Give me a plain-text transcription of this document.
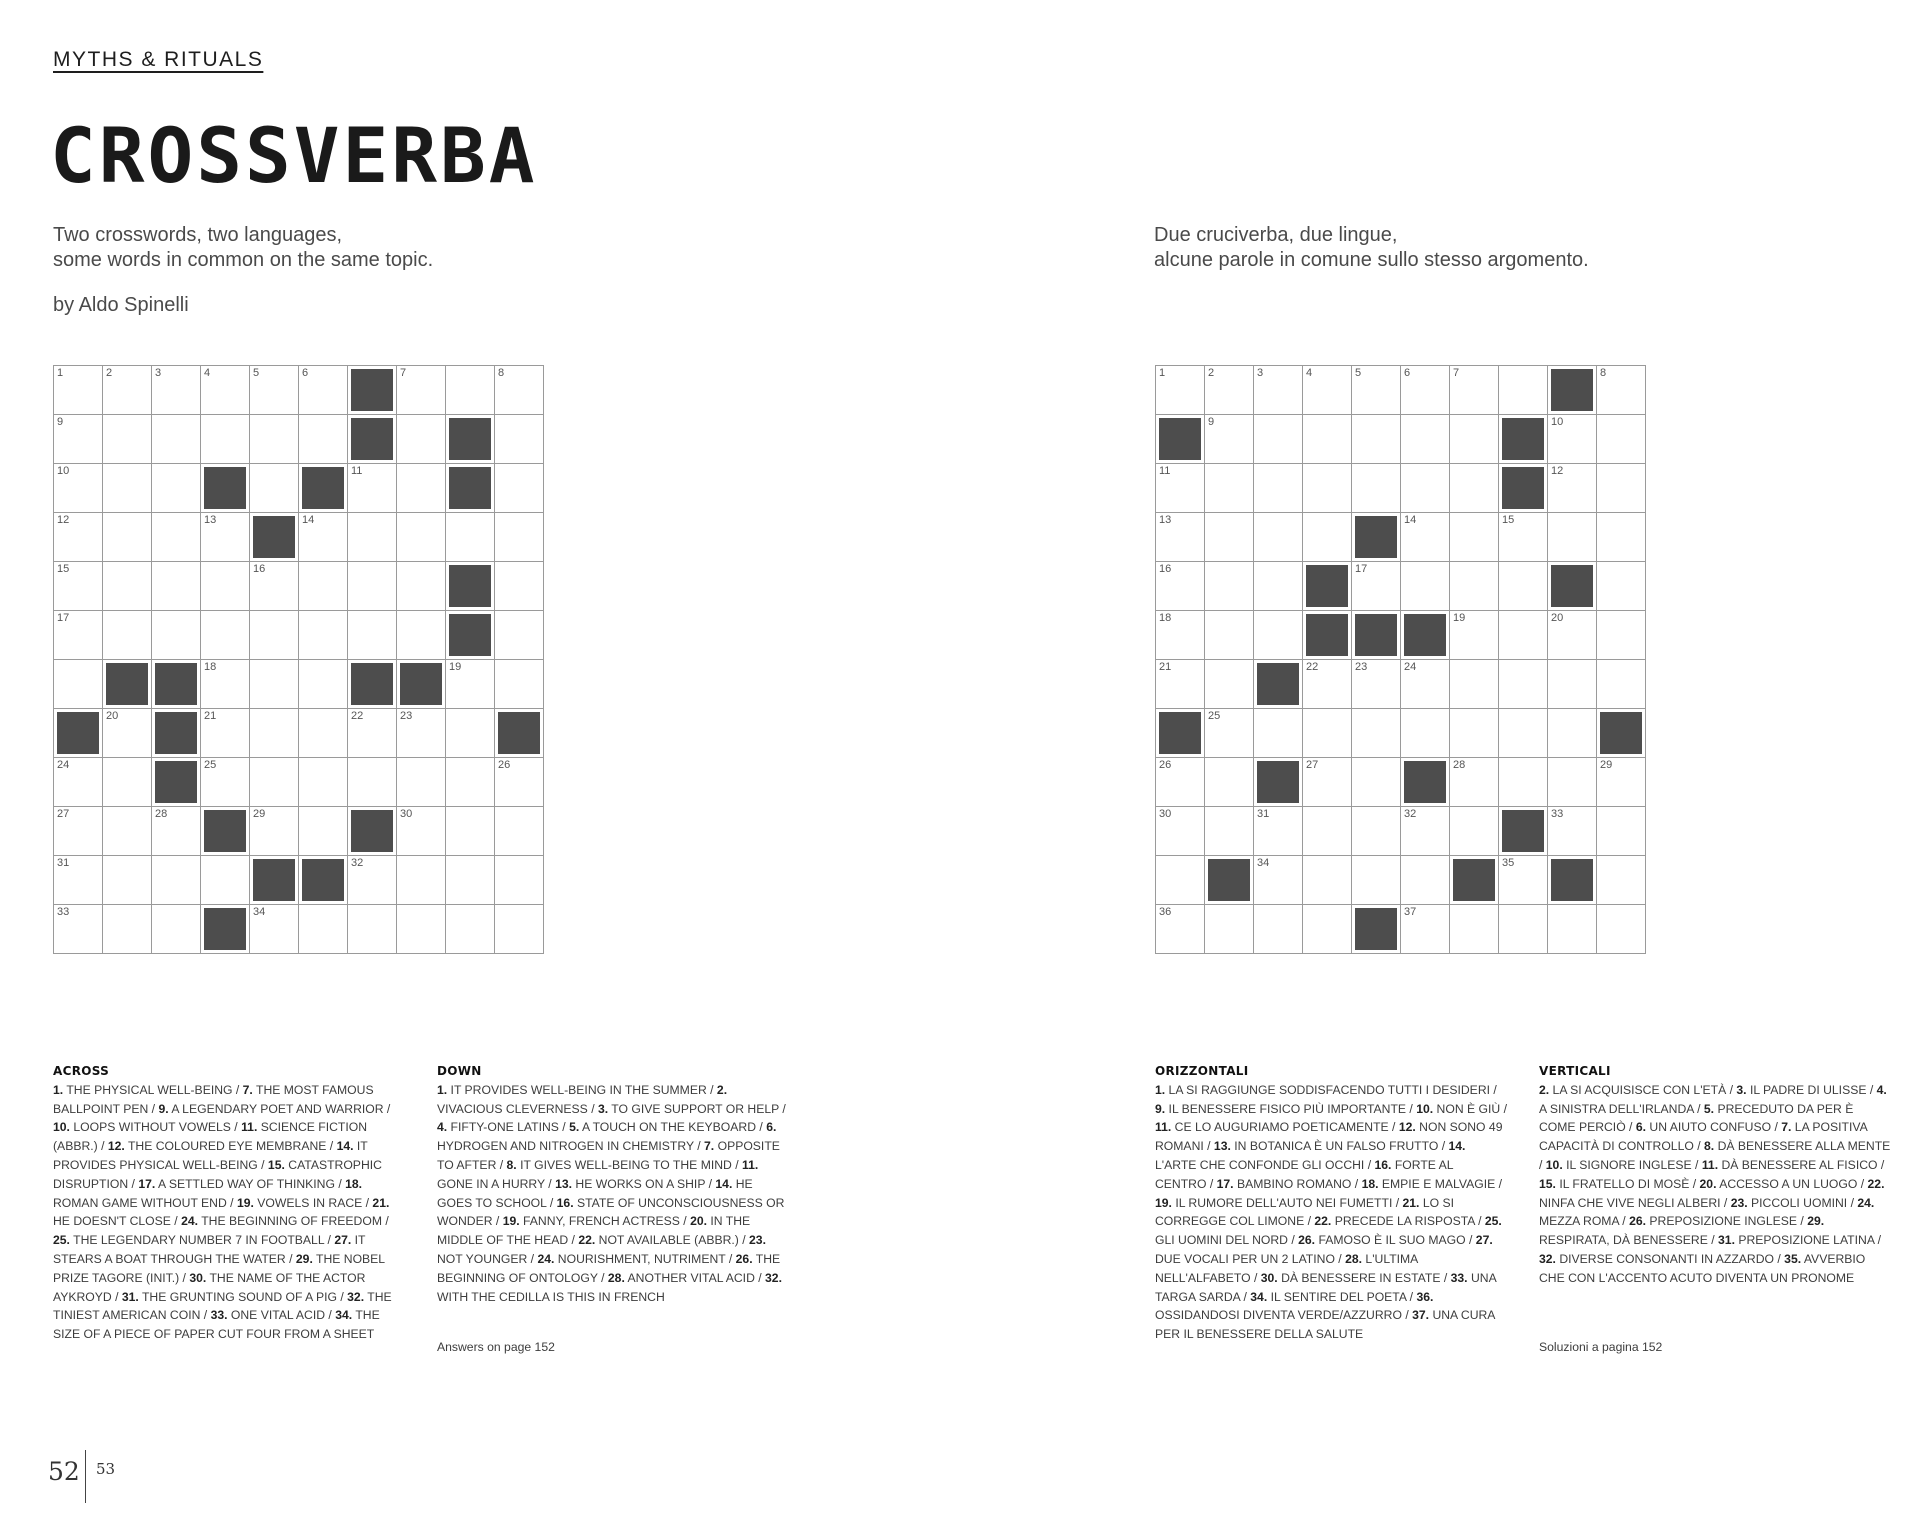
MYTHS & RITUALS
CROSSVERBA

Two crosswords, two languages,

some words in common on the same topic.

by Aldo Spinelli

Due cruciverba, due lingue,

alcune parole in comune sullo stesso argomento.

1	2	3	4	5	6	7	8
9
10	11
12	13	14
15	16
17
18	19
20	21	22	23
24	25	26
27	28	29	30
31	32
33	34
1	2	3	4	5	6	7	8
9	10
11	12
13	14	15
16	17
18	19	20
21	22	23	24
25
26	27	28	29
30	31	32	33
34	35
36	37
ACROSS

1. THE PHYSICAL WELL-BEING / 7. THE MOST FAMOUS BALLPOINT PEN / 9. A LEGENDARY POET AND WARRIOR / 10. LOOPS WITHOUT VOWELS / 11. SCIENCE FICTION (ABBR.) / 12. THE COLOURED EYE MEMBRANE / 14. IT PROVIDES PHYSICAL WELL-BEING / 15. CATASTROPHIC DISRUPTION / 17. A SETTLED WAY OF THINKING / 18. ROMAN GAME WITHOUT END / 19. VOWELS IN RACE / 21. HE DOESN'T CLOSE / 24. THE BEGINNING OF FREEDOM / 25. THE LEGENDARY NUMBER 7 IN FOOTBALL / 27. IT STEARS A BOAT THROUGH THE WATER / 29. THE NOBEL PRIZE TAGORE (INIT.) / 30. THE NAME OF THE ACTOR AYKROYD / 31. THE GRUNTING SOUND OF A PIG / 32. THE TINIEST AMERICAN COIN / 33. ONE VITAL ACID / 34. THE SIZE OF A PIECE OF PAPER CUT FOUR FROM A SHEET

DOWN

1. IT PROVIDES WELL-BEING IN THE SUMMER / 2. VIVACIOUS CLEVERNESS / 3. TO GIVE SUPPORT OR HELP / 4. FIFTY-ONE LATINS / 5. A TOUCH ON THE KEYBOARD / 6. HYDROGEN AND NITROGEN IN CHEMISTRY / 7. OPPOSITE TO AFTER / 8. IT GIVES WELL-BEING TO THE MIND / 11. GONE IN A HURRY / 13. HE WORKS ON A SHIP / 14. HE GOES TO SCHOOL / 16. STATE OF UNCONSCIOUSNESS OR WONDER / 19. FANNY, FRENCH ACTRESS / 20. IN THE MIDDLE OF THE HEAD / 22. NOT AVAILABLE (ABBR.) / 23. NOT YOUNGER / 24. NOURISHMENT, NUTRIMENT / 26. THE BEGINNING OF ONTOLOGY / 28. ANOTHER VITAL ACID / 32. WITH THE CEDILLA IS THIS IN FRENCH

ORIZZONTALI

1. LA SI RAGGIUNGE SODDISFACENDO TUTTI I DESIDERI / 9. IL BENESSERE FISICO PIÙ IMPORTANTE / 10. NON È GIÙ / 11. CE LO AUGURIAMO POETICAMENTE / 12. NON SONO 49 ROMANI / 13. IN BOTANICA È UN FALSO FRUTTO / 14. L'ARTE CHE CONFONDE GLI OCCHI / 16. FORTE AL CENTRO / 17. BAMBINO ROMANO / 18. EMPIE E MALVAGIE / 19. IL RUMORE DELL'AUTO NEI FUMETTI / 21. LO SI CORREGGE COL LIMONE / 22. PRECEDE LA RISPOSTA / 25. GLI UOMINI DEL NORD / 26. FAMOSO È IL SUO MAGO / 27. DUE VOCALI PER UN 2 LATINO / 28. L'ULTIMA NELL'ALFABETO / 30. DÀ BENESSERE IN ESTATE / 33. UNA TARGA SARDA / 34. IL SENTIRE DEL POETA / 36. OSSIDANDOSI DIVENTA VERDE/AZZURRO / 37. UNA CURA PER IL BENESSERE DELLA SALUTE

VERTICALI

2. LA SI ACQUISISCE CON L'ETÀ / 3. IL PADRE DI ULISSE / 4. A SINISTRA DELL'IRLANDA / 5. PRECEDUTO DA PER È COME PERCIÒ / 6. UN AIUTO CONFUSO / 7. LA POSITIVA CAPACITÀ DI CONTROLLO / 8. DÀ BENESSERE ALLA MENTE / 10. IL SIGNORE INGLESE / 11. DÀ BENESSERE AL FISICO / 15. IL FRATELLO DI MOSÈ / 20. ACCESSO A UN LUOGO / 22. NINFA CHE VIVE NEGLI ALBERI / 23. PICCOLI UOMINI / 24. MEZZA ROMA / 26. PREPOSIZIONE INGLESE / 29. RESPIRATA, DÀ BENESSERE / 31. PREPOSIZIONE LATINA / 32. DIVERSE CONSONANTI IN AZZARDO / 35. AVVERBIO CHE CON L'ACCENTO ACUTO DIVENTA UN PRONOME

Answers on page 152	Soluzioni a pagina 152
52 53
